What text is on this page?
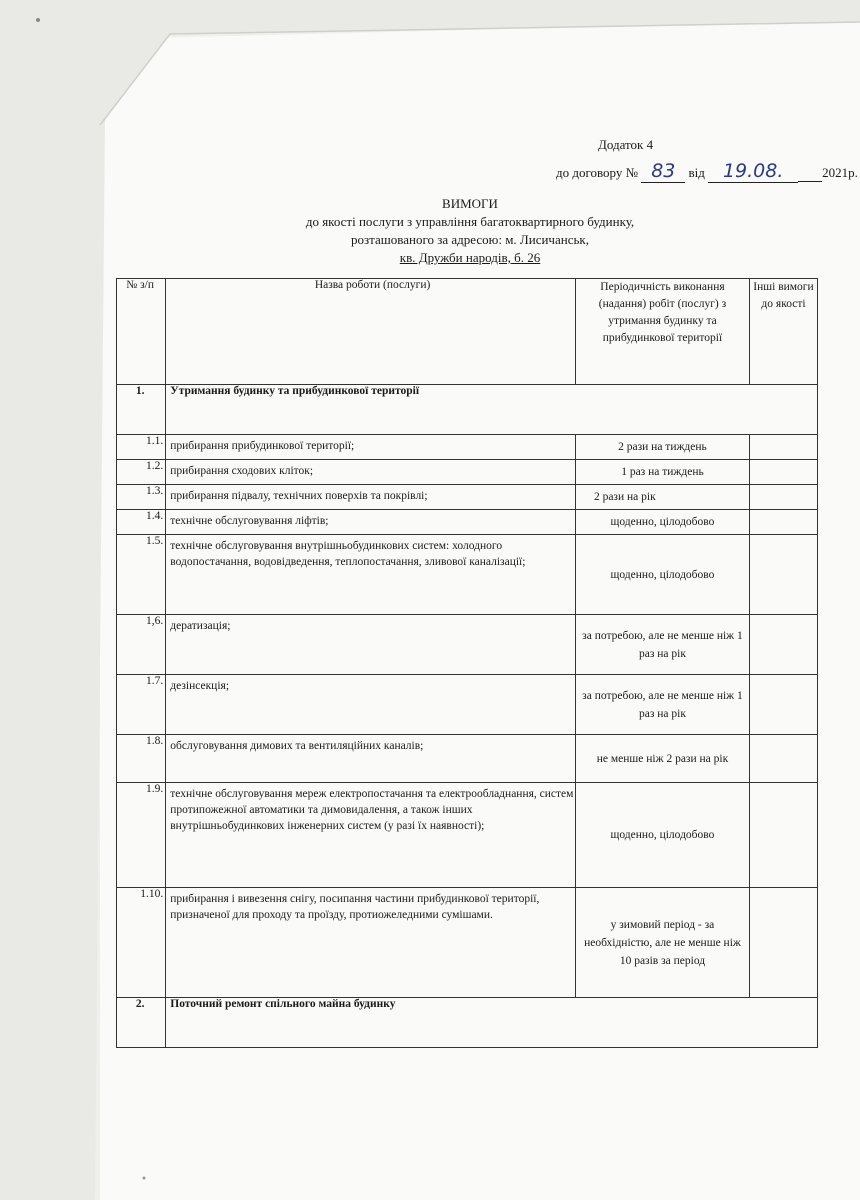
Додаток 4
до договору № 83 від 19.08.	2021р.
ВИМОГИ
до якості послуги з управління багатоквартирного будинку,
розташованого за адресою: м. Лисичанськ,
кв. Дружби народів, б. 26
№ з/п	Назва роботи (послуги)	Періодичність виконання (надання) робіт (послуг) з утримання будинку та прибудинкової території	Інші вимоги до якості
1.	Утримання будинку та прибудинкової території		
1.1.	прибирання прибудинкової території;	2 рази на тиждень	

1.2.	прибирання сходових кліток;	1 раз на тиждень	

1.3.	прибирання підвалу, технічних поверхів та покрівлі;	2 рази на рік	

1.4.	технічне обслуговування ліфтів;	щоденно, цілодобово	

1.5.	технічне обслуговування внутрішньобудинкових систем: холодного водопостачання, водовідведення, теплопостачання, зливової каналізації;	щоденно, цілодобово	

1,6.	дератизація;	за потребою, але не менше ніж 1 раз на рік	

1.7.	дезінсекція;	за потребою, але не менше ніж 1 раз на рік	

1.8.	обслуговування димових та вентиляційних каналів;	не менше ніж 2 рази на рік	

1.9.	технічне обслуговування мереж електропостачання та електрообладнання, систем протипожежної автоматики та димовидалення, а також інших внутрішньобудинкових інженерних систем (у разі їх наявності);	щоденно, цілодобово	

1.10.	прибирання і вивезення снігу, посипання частини прибудинкової території, призначеної для проходу та проїзду, протиожеледними сумішами.	у зимовий період - за необхідністю, але не менше ніж 10 разів за період	

2.	Поточний ремонт спільного майна будинку		
